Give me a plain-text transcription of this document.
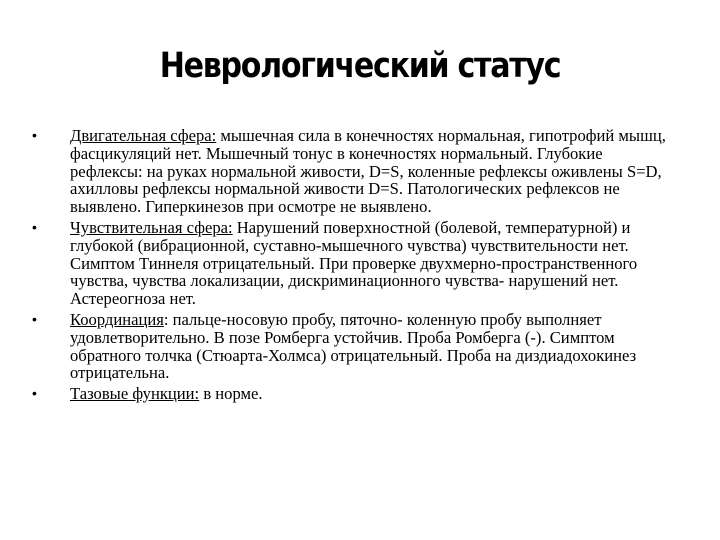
Неврологический статус
•	Двигательная сфера: мышечная сила в конечностях нормальная, гипотрофий мышц, фасцикуляций нет. Мышечный тонус в конечностях нормальный. Глубокие рефлексы: на руках нормальной живости, D=S, коленные рефлексы оживлены S=D, ахилловы рефлексы нормальной живости D=S. Патологических рефлексов не выявлено. Гиперкинезов при осмотре не выявлено.
•	Чувствительная сфера: Нарушений поверхностной (болевой, температурной) и глубокой (вибрационной, суставно-мышечного чувства) чувствительности нет. Симптом Тиннеля отрицательный. При проверке двухмерно-пространственного чувства, чувства локализации, дискриминационного чувства- нарушений нет. Астереогноза нет.
•	Координация: пальце-носовую пробу, пяточно- коленную пробу выполняет удовлетворительно. В позе Ромберга устойчив. Проба Ромберга (-). Симптом обратного толчка (Стюарта-Холмса) отрицательный. Проба на диздиадохокинез отрицательна.
•	Тазовые функции: в норме.
